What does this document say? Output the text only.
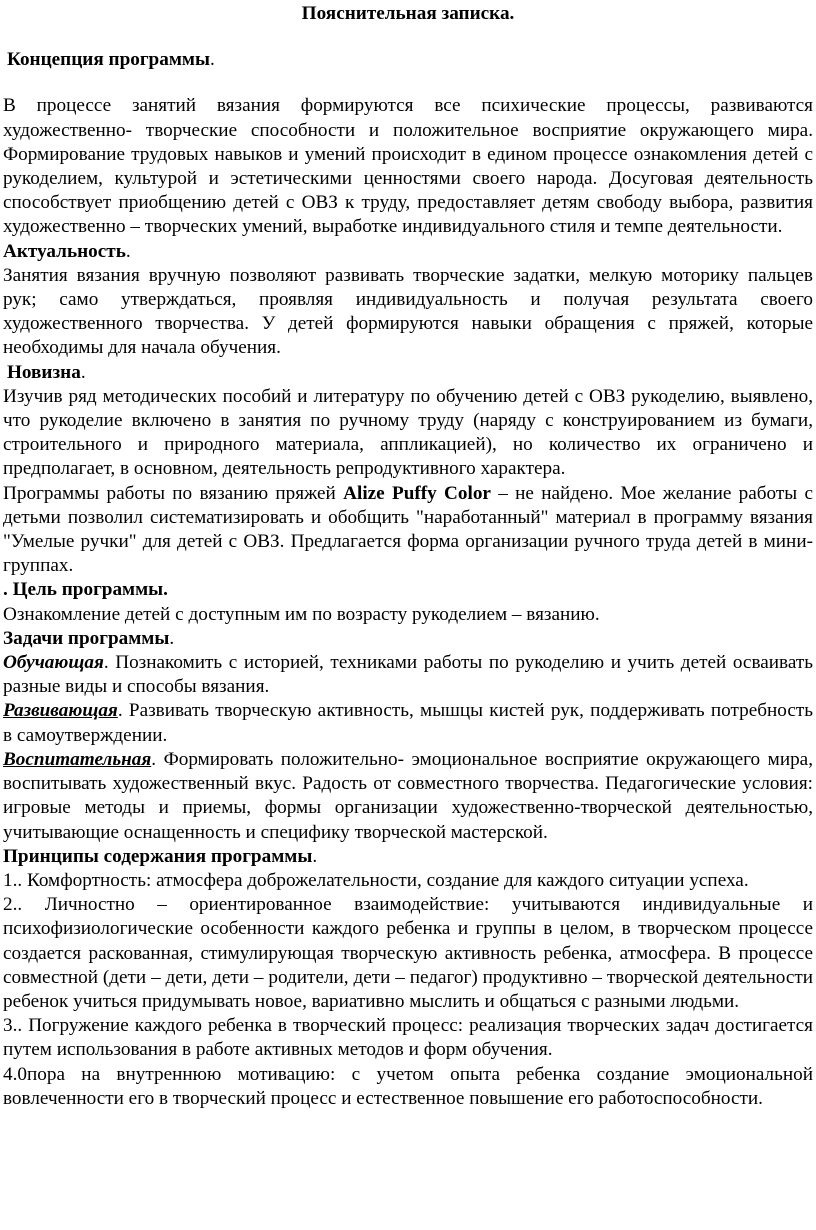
Пояснительная записка.

Концепция программы.

В процессе занятий вязания формируются все психические процессы, развиваются художественно- творческие способности и положительное восприятие окружающего мира. Формирование трудовых навыков и умений происходит в едином процессе ознакомления детей с рукоделием, культурой и эстетическими ценностями своего народа. Досуговая деятельность способствует приобщению детей с ОВЗ к труду, предоставляет детям свободу выбора, развития художественно – творческих умений, выработке индивидуального стиля и темпе деятельности.

Актуальность.

Занятия вязания вручную позволяют развивать творческие задатки, мелкую моторику пальцев рук; само утверждаться, проявляя индивидуальность и получая результата своего художественного творчества. У детей формируются навыки обращения с пряжей, которые необходимы для начала обучения.

Новизна.

Изучив ряд методических пособий и литературу по обучению детей с ОВЗ рукоделию, выявлено, что рукоделие включено в занятия по ручному труду (наряду с конструированием из бумаги, строительного и природного материала, аппликацией), но количество их ограничено и предполагает, в основном, деятельность репродуктивного характера.

Программы работы по вязанию пряжей Alize Puffy Color – не найдено. Мое желание работы с детьми позволил систематизировать и обобщить "наработанный" материал в программу вязания "Умелые ручки" для детей с ОВЗ. Предлагается форма организации ручного труда детей в мини- группах.

. Цель программы.

Ознакомление детей с доступным им по возрасту рукоделием – вязанию.

Задачи программы.

Обучающая. Познакомить с историей, техниками работы по рукоделию и учить детей осваивать разные виды и способы вязания.

Развивающая. Развивать творческую активность, мышцы кистей рук, поддерживать потребность в самоутверждении.

Воспитательная. Формировать положительно- эмоциональное восприятие окружающего мира, воспитывать художественный вкус. Радость от совместного творчества. Педагогические условия: игровые методы и приемы, формы организации художественно-творческой деятельностью, учитывающие оснащенность и специфику творческой мастерской.

Принципы содержания программы.

1.. Комфортность: атмосфера доброжелательности, создание для каждого ситуации успеха.

2.. Личностно – ориентированное взаимодействие: учитываются индивидуальные и психофизиологические особенности каждого ребенка и группы в целом, в творческом процессе создается раскованная, стимулирующая творческую активность ребенка, атмосфера. В процессе совместной (дети – дети, дети – родители, дети – педагог) продуктивно – творческой деятельности ребенок учиться придумывать новое, вариативно мыслить и общаться с разными людьми.

3.. Погружение каждого ребенка в творческий процесс: реализация творческих задач достигается путем использования в работе активных методов и форм обучения.

4.0пора на внутреннюю мотивацию: с учетом опыта ребенка создание эмоциональной вовлеченности его в творческий процесс и естественное повышение его работоспособности.
